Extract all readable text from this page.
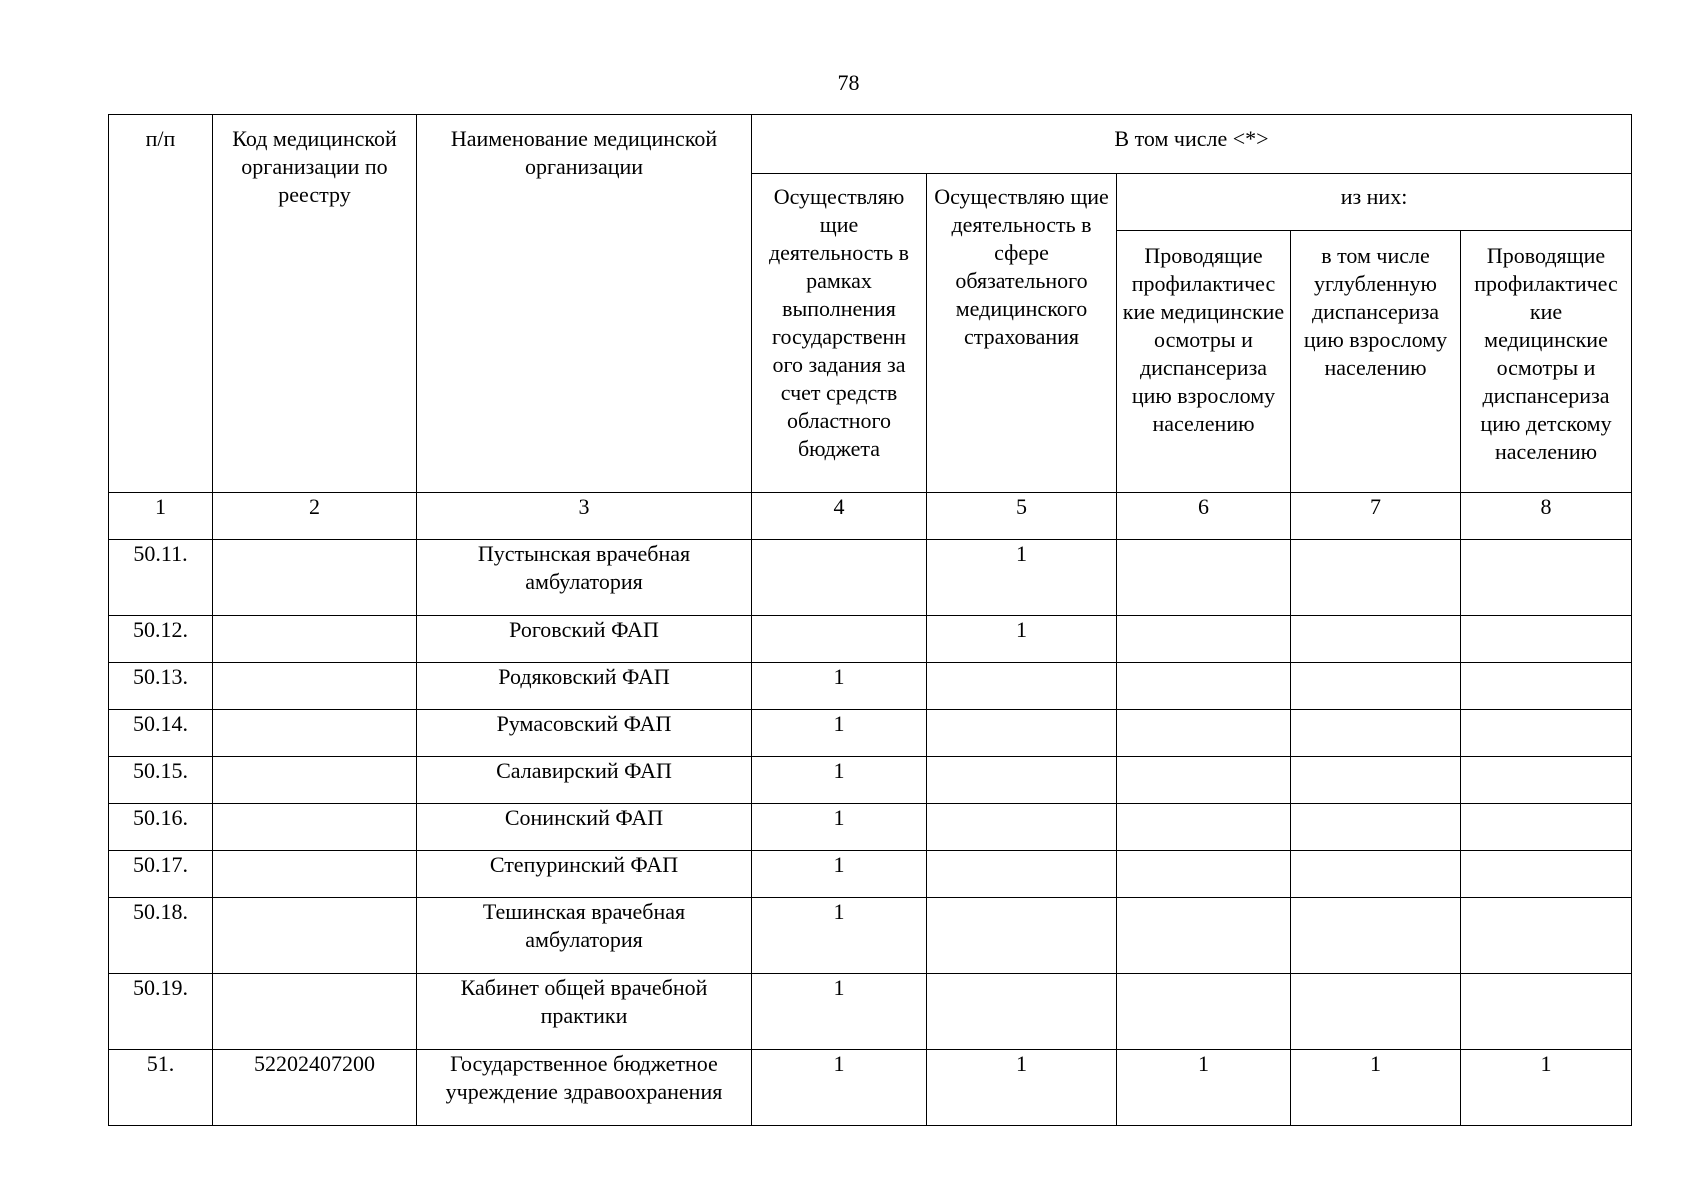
78
п/п	Код медицинской организации по реестру	Наименование медицинской организации	В том числе <*>				
			Осуществляю щие деятельность в рамках выполнения государственн ого задания за счет средств областного бюджета	Осуществляю щие деятельность в сфере обязательного медицинского страхования	из них:		
					Проводящие профилактичес кие медицинские осмотры и диспансериза цию взрослому населению	в том числе углубленную диспансериза цию взрослому населению	Проводящие профилактичес кие медицинские осмотры и диспансериза цию детскому населению
1	2	3	4	5	6	7	8
50.11.		Пустынская врачебная амбулатория		1			
50.12.		Роговский ФАП		1			
50.13.		Родяковский ФАП	1				
50.14.		Румасовский ФАП	1				
50.15.		Салавирский ФАП	1				
50.16.		Сонинский ФАП	1				
50.17.		Степуринский ФАП	1				
50.18.		Тешинская врачебная амбулатория	1				
50.19.		Кабинет общей врачебной практики	1				
51.	52202407200	Государственное бюджетное учреждение здравоохранения	1	1	1	1	1
